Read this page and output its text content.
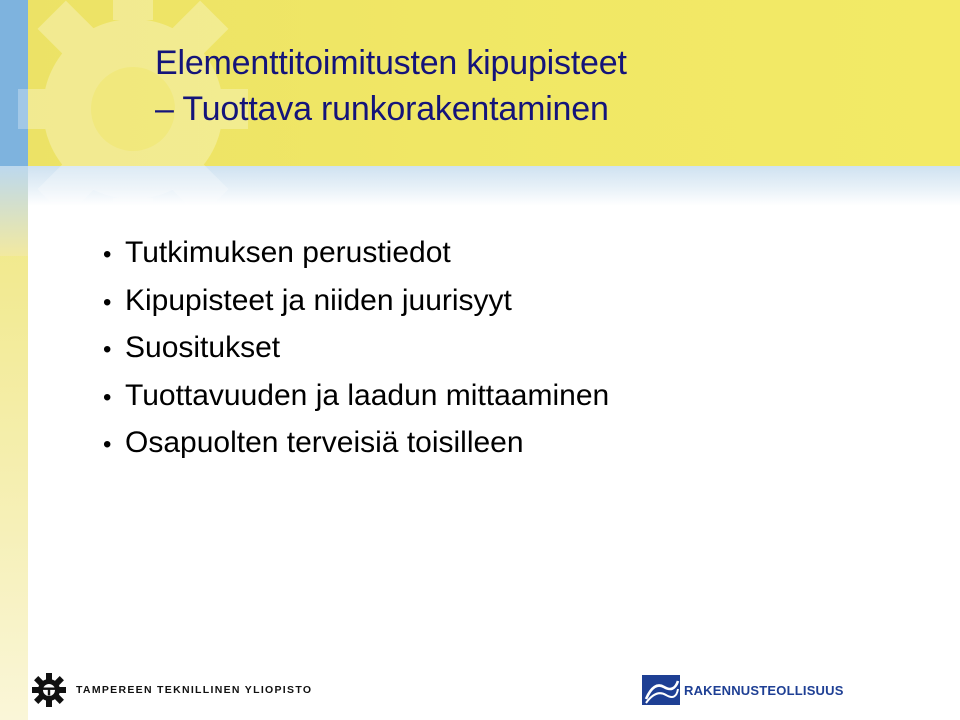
Elementtitoimitusten kipupisteet
– Tuottava runkorakentaminen
• Tutkimuksen perustiedot
• Kipupisteet ja niiden juurisyyt
• Suositukset
• Tuottavuuden ja laadun mittaaminen
• Osapuolten terveisiä toisilleen
TAMPEREEN TEKNILLINEN YLIOPISTO	RAKENNUSTEOLLISUUS
